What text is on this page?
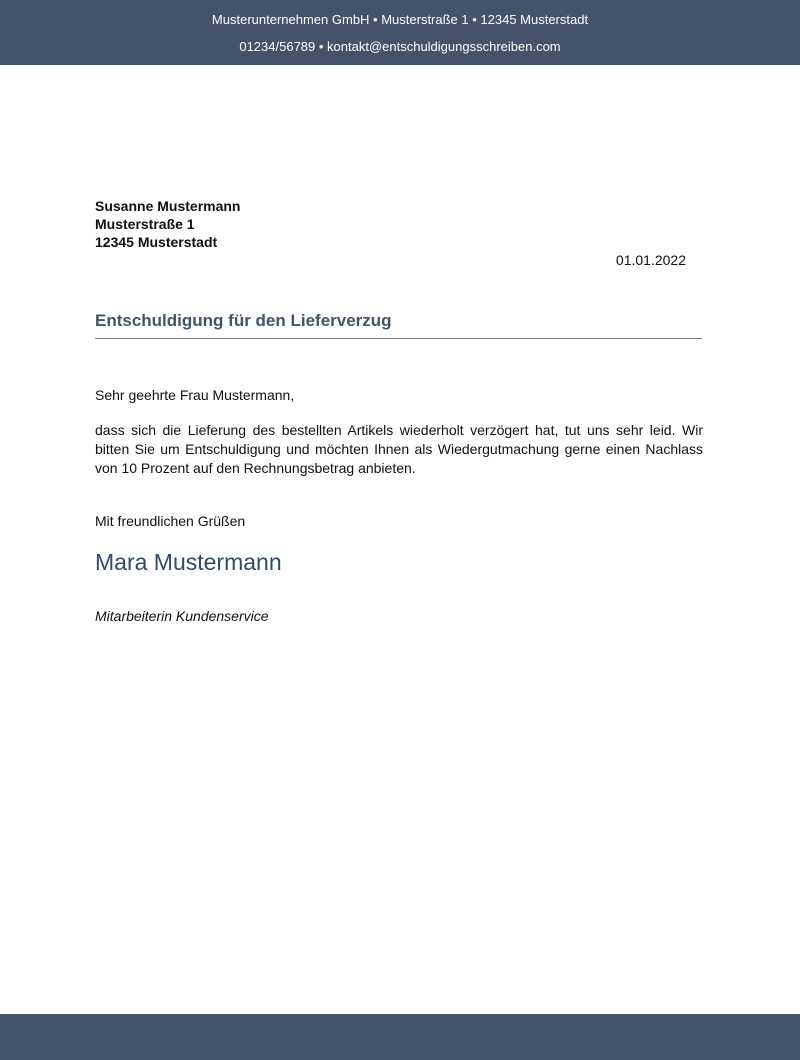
Musterunternehmen GmbH • Musterstraße 1 • 12345 Musterstadt
01234/56789 • kontakt@entschuldigungsschreiben.com
Susanne Mustermann
Musterstraße 1
12345 Musterstadt
01.01.2022
Entschuldigung für den Lieferverzug
Sehr geehrte Frau Mustermann,
dass sich die Lieferung des bestellten Artikels wiederholt verzögert hat, tut uns sehr leid. Wir bitten Sie um Entschuldigung und möchten Ihnen als Wiedergutmachung gerne einen Nachlass von 10 Prozent auf den Rechnungsbetrag anbieten.
Mit freundlichen Grüßen
Mara Mustermann
Mitarbeiterin Kundenservice
